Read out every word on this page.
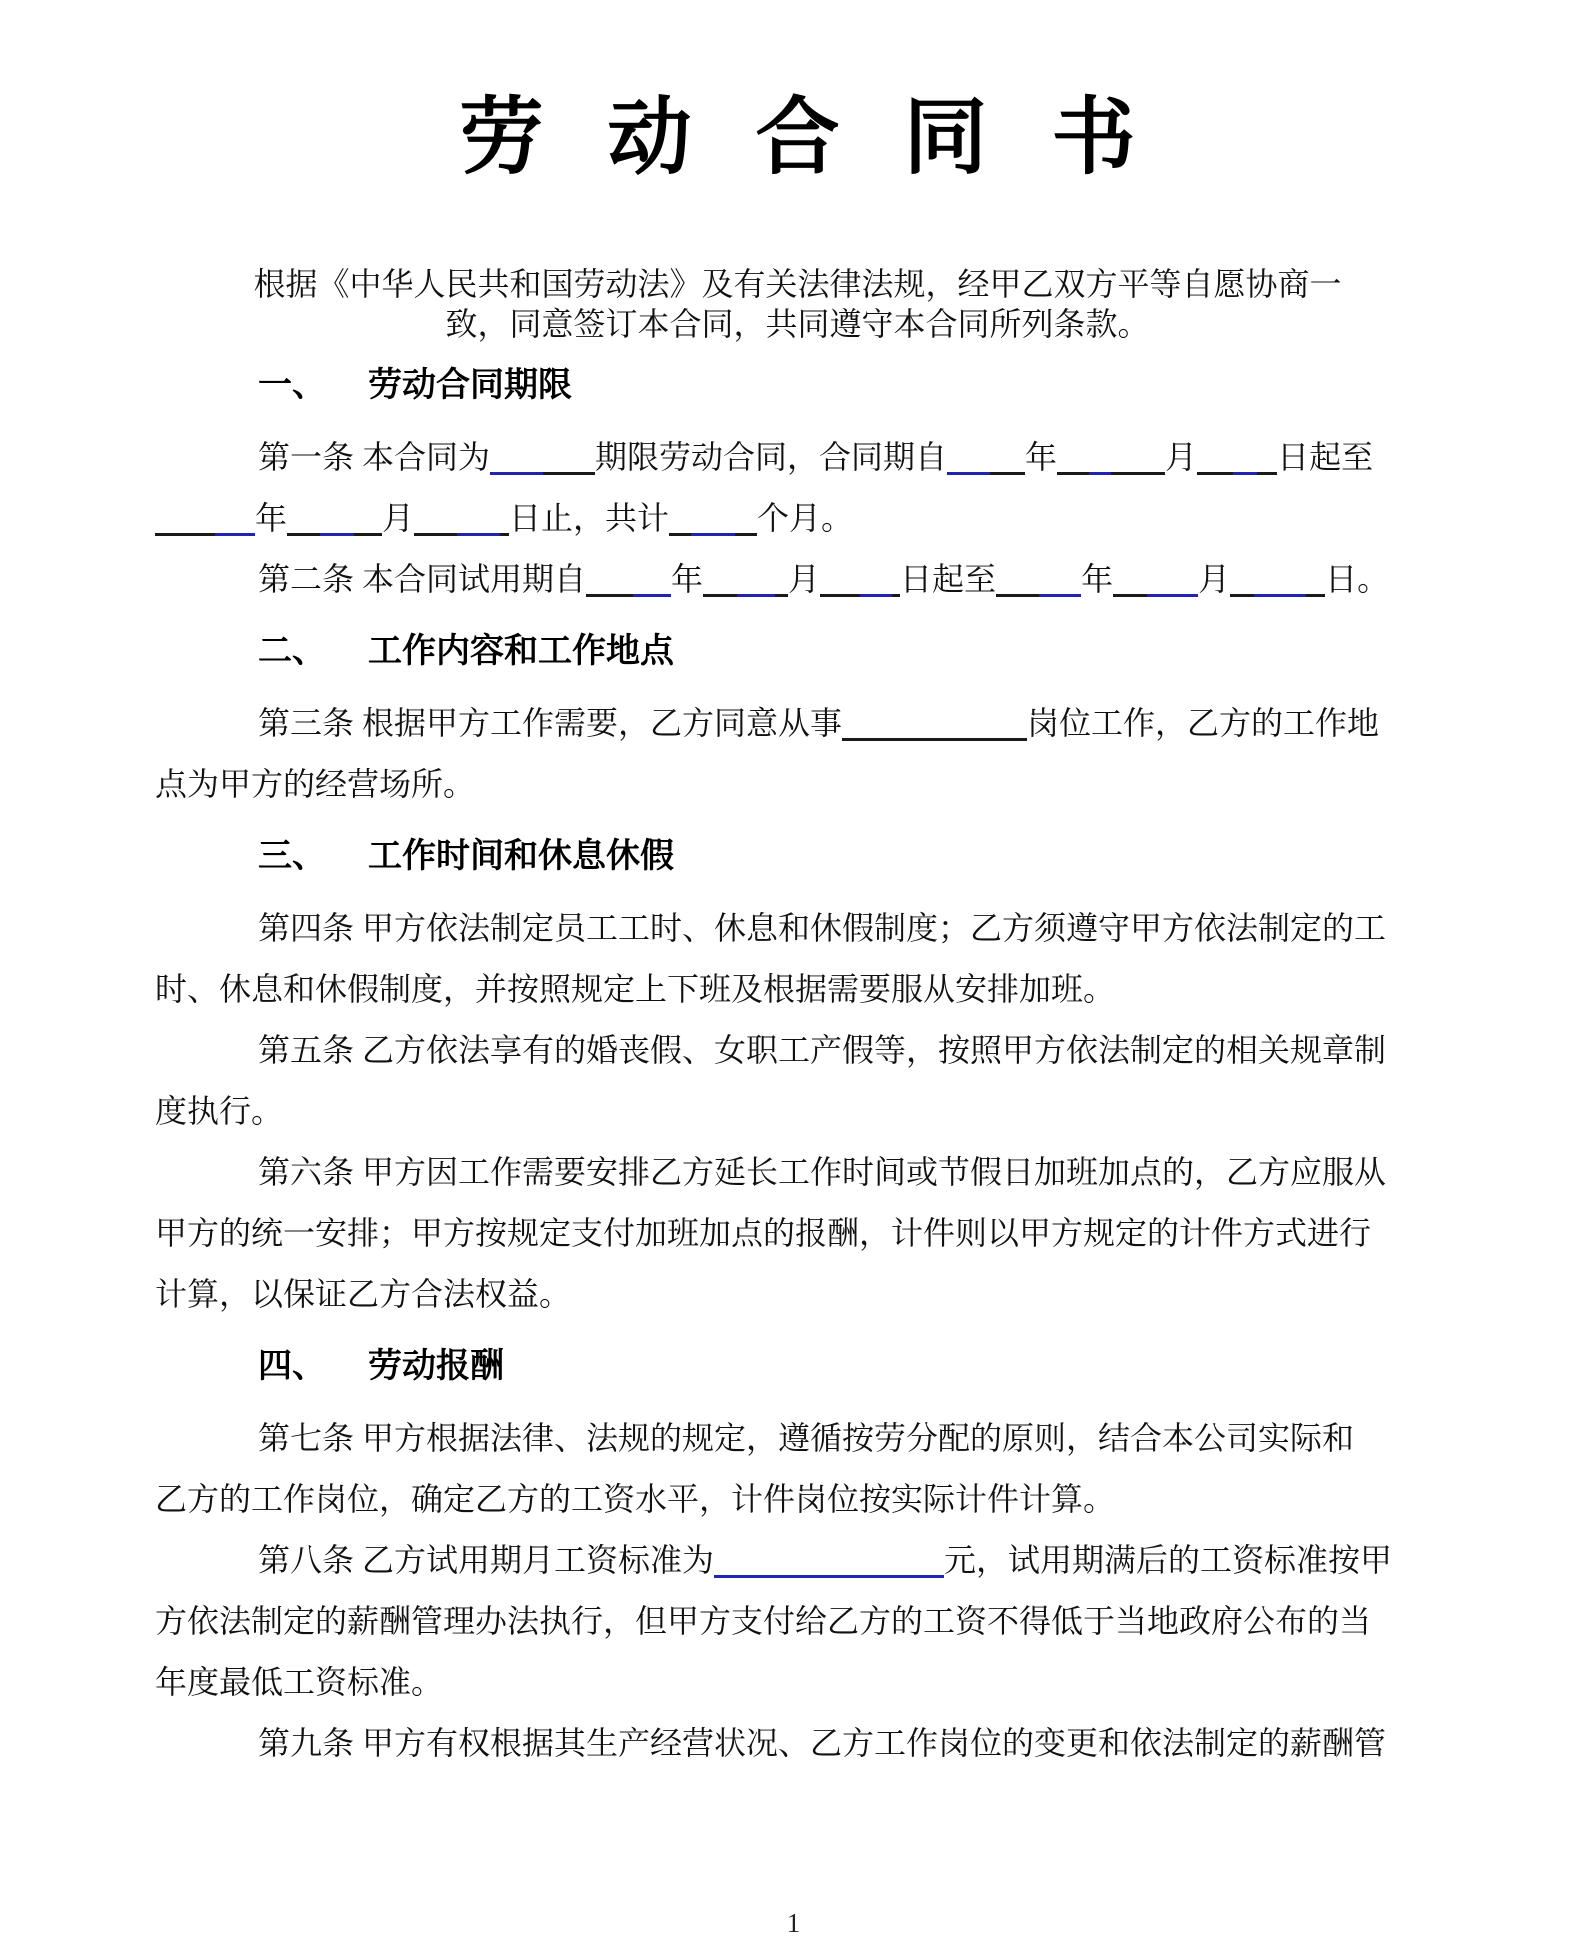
劳动合同书
根据《中华人民共和国劳动法》及有关法律法规，经甲乙双方平等自愿协商一
致，同意签订本合同，共同遵守本合同所列条款。
一、 劳动合同期限
第一条 本合同为	期限劳动合同，合同期自 年	月	日起至
年	月	日止，共计	个月。
第二条 本合同试用期自	年	月	日起至	年	月	日。
二、 工作内容和工作地点
第三条 根据甲方工作需要，乙方同意从事	岗位工作，乙方的工作地
点为甲方的经营场所。
三、 工作时间和休息休假
第四条 甲方依法制定员工工时、休息和休假制度；乙方须遵守甲方依法制定的工
时、休息和休假制度，并按照规定上下班及根据需要服从安排加班。
第五条 乙方依法享有的婚丧假、女职工产假等，按照甲方依法制定的相关规章制
度执行。
第六条 甲方因工作需要安排乙方延长工作时间或节假日加班加点的，乙方应服从
甲方的统一安排；甲方按规定支付加班加点的报酬，计件则以甲方规定的计件方式进行
计算，以保证乙方合法权益。
四、 劳动报酬
第七条 甲方根据法律、法规的规定，遵循按劳分配的原则，结合本公司实际和
乙方的工作岗位，确定乙方的工资水平，计件岗位按实际计件计算。
第八条 乙方试用期月工资标准为	元，试用期满后的工资标准按甲
方依法制定的薪酬管理办法执行，但甲方支付给乙方的工资不得低于当地政府公布的当
年度最低工资标准。
第九条 甲方有权根据其生产经营状况、乙方工作岗位的变更和依法制定的薪酬管
1
